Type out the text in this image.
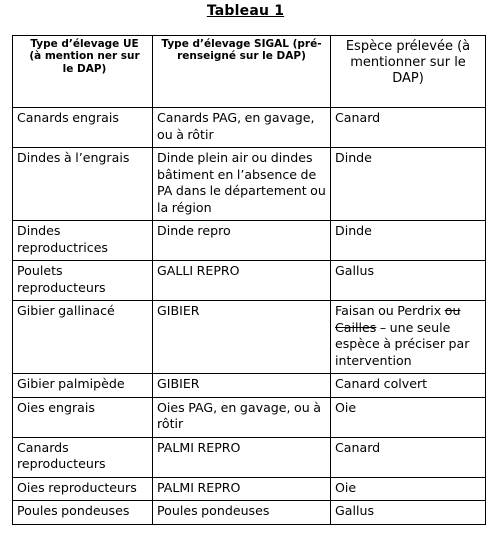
Tableau 1
Type d’élevage UE (à mention ner sur le DAP)	Type d’élevage SIGAL (pré-renseigné sur le DAP)	Espèce prélevée (à mentionner sur le DAP)
Canards engrais	Canards PAG, en gavage, ou à rôtir	Canard
Dindes à l’engrais	Dinde plein air ou dindes bâtiment en l’absence de PA dans le département ou la région	Dinde
Dindes reproductrices	Dinde repro	Dinde
Poulets reproducteurs	GALLI REPRO	Gallus
Gibier gallinacé	GIBIER	Faisan ou Perdrix ou Cailles – une seule espèce à préciser par intervention
Gibier palmipède	GIBIER	Canard colvert
Oies engrais	Oies PAG, en gavage, ou à rôtir	Oie
Canards reproducteurs	PALMI REPRO	Canard
Oies reproducteurs	PALMI REPRO	Oie
Poules pondeuses	Poules pondeuses	Gallus
